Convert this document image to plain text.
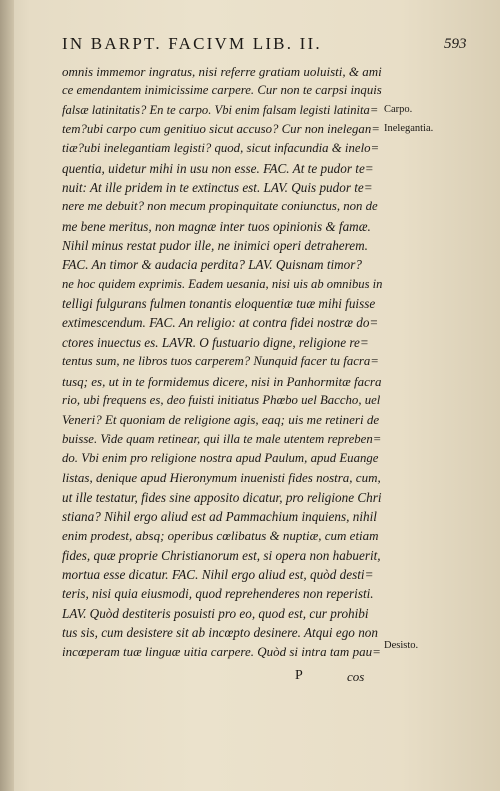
IN BARPT. FACIVM LIB. II.	593
omnis immemor ingratus, nisi referre gratiam uoluisti, & ami
ce emendantem inimicissime carpere. Cur non te carpsi inquis
falsæ latinitatis? En te carpo. Vbi enim falsam legisti latinita=
tem?ubi carpo cum genitiuo sicut accuso? Cur non inelegan=
tiæ?ubi inelegantiam legisti? quod, sicut infacundia & inelo=
quentia, uidetur mihi in usu non esse. FAC. At te pudor te=
nuit: At ille pridem in te extinctus est. LAV. Quis pudor te=
nere me debuit? non mecum propinquitate coniunctus, non de
me bene meritus, non magnæ inter tuos opinionis & famæ.
Nihil minus restat pudor ille, ne inimici operi detraherem.
FAC. An timor & audacia perdita? LAV. Quisnam timor?
ne hoc quidem exprimis. Eadem uesania, nisi uis ab omnibus in
telligi fulgurans fulmen tonantis eloquentiæ tuæ mihi fuisse
extimescendum. FAC. An religio: at contra fidei nostræ do=
ctores inuectus es. LAVR. O fustuario digne, religione re=
tentus sum, ne libros tuos carperem? Nunquid facer tu facra=
tusq; es, ut in te formidemus dicere, nisi in Panhormitæ facra
rio, ubi frequens es, deo fuisti initiatus Phœbo uel Baccho, uel
Veneri? Et quoniam de religione agis, eaq; uis me retineri de
buisse. Vide quam retinear, qui illa te male utentem repreben=
do. Vbi enim pro religione nostra apud Paulum, apud Euange
listas, denique apud Hieronymum inuenisti fides nostra, cum,
ut ille testatur, fides sine apposito dicatur, pro religione Chri
stiana? Nihil ergo aliud est ad Pammachium inquiens, nihil
enim prodest, absq; operibus cœlibatus & nuptiæ, cum etiam
fides, quæ proprie Christianorum est, si opera non habuerit,
mortua esse dicatur. FAC. Nihil ergo aliud est, quòd desti=
teris, nisi quia eiusmodi, quod reprehenderes non reperisti.
LAV. Quòd destiteris posuisti pro eo, quod est, cur prohibi
tus sis, cum desistere sit ab incœpto desinere. Atqui ego non
incœperam tuæ linguæ uitia carpere. Quòd si intra tam pau=
Carpo.
Inelegantia.
Desisto.
P	cos
